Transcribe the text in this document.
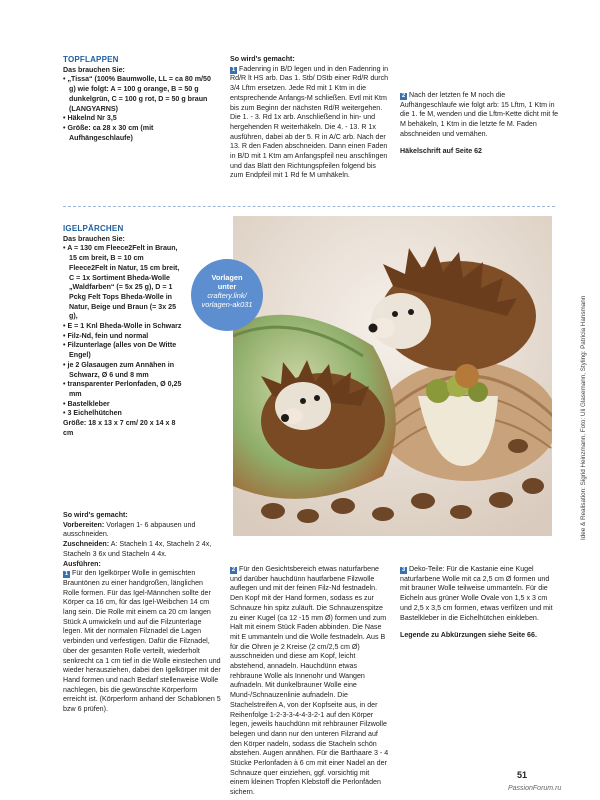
TOPFLAPPEN
Das brauchen Sie:
• „Tissa“ (100% Baumwolle, LL = ca 80 m/50 g) wie folgt: A = 100 g orange, B = 50 g dunkelgrün, C = 100 g rot, D = 50 g braun (LANGYARNS)
• Häkelnd Nr 3,5
• Größe: ca 28 x 30 cm (mit Aufhängeschlaufe)
So wird's gemacht:

1 Fadenring in B/D legen und in den Fadenring in Rd/R lt HS arb. Das 1. Stb/ DStb einer Rd/R durch 3/4 Lftm ersetzen. Jede Rd mit 1 Ktm in die entsprechende Anfangs-M schließen. Evtl mit Ktm bis zum Beginn der nächsten Rd/R weitergehen. Die 1. - 3. Rd 1x arb. Anschließend in hin- und hergehenden R weiterhäkeln. Die 4. - 13. R 1x ausführen, dabei ab der 5. R in A/C arb. Nach der 13. R den Faden abschneiden. Dann einen Faden in B/D mit 1 Ktm am Anfangspfeil neu anschlingen und das Blatt den Richtungspfeilen folgend bis zum Endpfeil mit 1 Rd fe M umhäkeln.

2 Nach der letzten fe M noch die Aufhängeschlaufe wie folgt arb: 15 Lftm, 1 Ktm in die 1. fe M, wenden und die Lftm-Kette dicht mit fe M behäkeln, 1 Ktm in die letzte fe M. Faden abschneiden und vernähen.

Häkelschrift auf Seite 62

IGELPÄRCHEN
Das brauchen Sie:
• A = 130 cm Fleece2Felt in Braun, 15 cm breit, B = 10 cm Fleece2Felt in Natur, 15 cm breit, C = 1x Sortiment Bheda-Wolle „Waldfarben“ (= 5x 25 g), D = 1 Pckg Felt Tops Bheda-Wolle in Natur, Beige und Braun (= 3x 25 g),
• E = 1 Knl Bheda-Wolle in Schwarz
• Filz-Nd, fein und normal
• Filzunterlage (alles von De Witte Engel)
• je 2 Glasaugen zum Annähen in Schwarz, Ø 6 und 8 mm
• transparenter Perlonfaden, Ø 0,25 mm
• Bastelkleber
• 3 Eichelhütchen
Größe: 18 x 13 x 7 cm/ 20 x 14 x 8 cm
Vorlagen
unter
craftery.link/
vorlagen-ak031	Idee & Realisation: Sigrid Heinzmann, Foto: Uli Glasemann, Styling: Patricia Hansmann
So wird's gemacht:

Vorbereiten: Vorlagen 1- 6 abpausen und ausschneiden.

Zuschneiden: A: Stacheln 1 4x, Stacheln 2 4x, Stacheln 3 6x und Stacheln 4 4x.

Ausführen:

1 Für den Igelkörper Wolle in gemischten Brauntönen zu einer handgroßen, länglichen Rolle formen. Für das Igel-Männchen sollte der Körper ca 16 cm, für das Igel-Weibchen 14 cm lang sein. Die Rolle mit einem ca 20 cm langen Stück A umwickeln und auf die Filzunterlage legen. Mit der normalen Filznadel die Lagen verbinden und verfestigen. Dafür die Filznadel, über der gesamten Rolle verteilt, wiederholt senkrecht ca 1 cm tief in die Wolle einstechen und wieder herausziehen, dabei den Igelkörper mit der Hand formen und nach Bedarf stellenweise Wolle nachlegen, bis die gewünschte Körperform erreicht ist. (Körperform anhand der Schablonen 5 bzw 6 prüfen).

2 Für den Gesichtsbereich etwas naturfarbene und darüber hauchdünn hautfarbene Filzwolle auflegen und mit der feinen Filz-Nd festnadeln. Den Kopf mit der Hand formen, sodass es zur Schnauze hin spitz zuläuft. Die Schnauzenspitze zu einer Kugel (ca 12 -15 mm Ø) formen und zum Halt mit einem Stück Faden abbinden. Die Nase mit E ummanteln und die Wolle festnadeln. Aus B für die Ohren je 2 Kreise (2 cm/2,5 cm Ø) ausschneiden und diese am Kopf, leicht abstehend, annadeln. Hauchdünn etwas rehbraune Wolle als Innenohr und Wangen aufnadeln. Mit dunkelbrauner Wolle eine Mund-/Schnauzenlinie aufnadeln. Die Stachelstreifen A, von der Kopfseite aus, in der Reihenfolge 1-2-3-3-4-4-3-2-1 auf den Körper legen, jeweils hauchdünn mit rehbrauner Filzwolle belegen und dann nur den unteren Filzrand auf den Körper nadeln, sodass die Stacheln schön abstehen. Augen annähen. Für die Barthaare 3 - 4 Stücke Perlonfaden à 6 cm mit einer Nadel an der Schnauze quer einziehen, ggf. vorsichtig mit einem kleinen Tropfen Klebstoff die Perlonfäden sichern.

3 Deko-Teile: Für die Kastanie eine Kugel naturfarbene Wolle mit ca 2,5 cm Ø formen und mit brauner Wolle teilweise ummanteln. Für die Eicheln aus grüner Wolle Ovale von 1,5 x 3 cm und 2,5 x 3,5 cm formen, etwas verfilzen und mit Bastelkleber in die Eichelhütchen einkleben.

Legende zu Abkürzungen siehe Seite 66.

51
PassionForum.ru
